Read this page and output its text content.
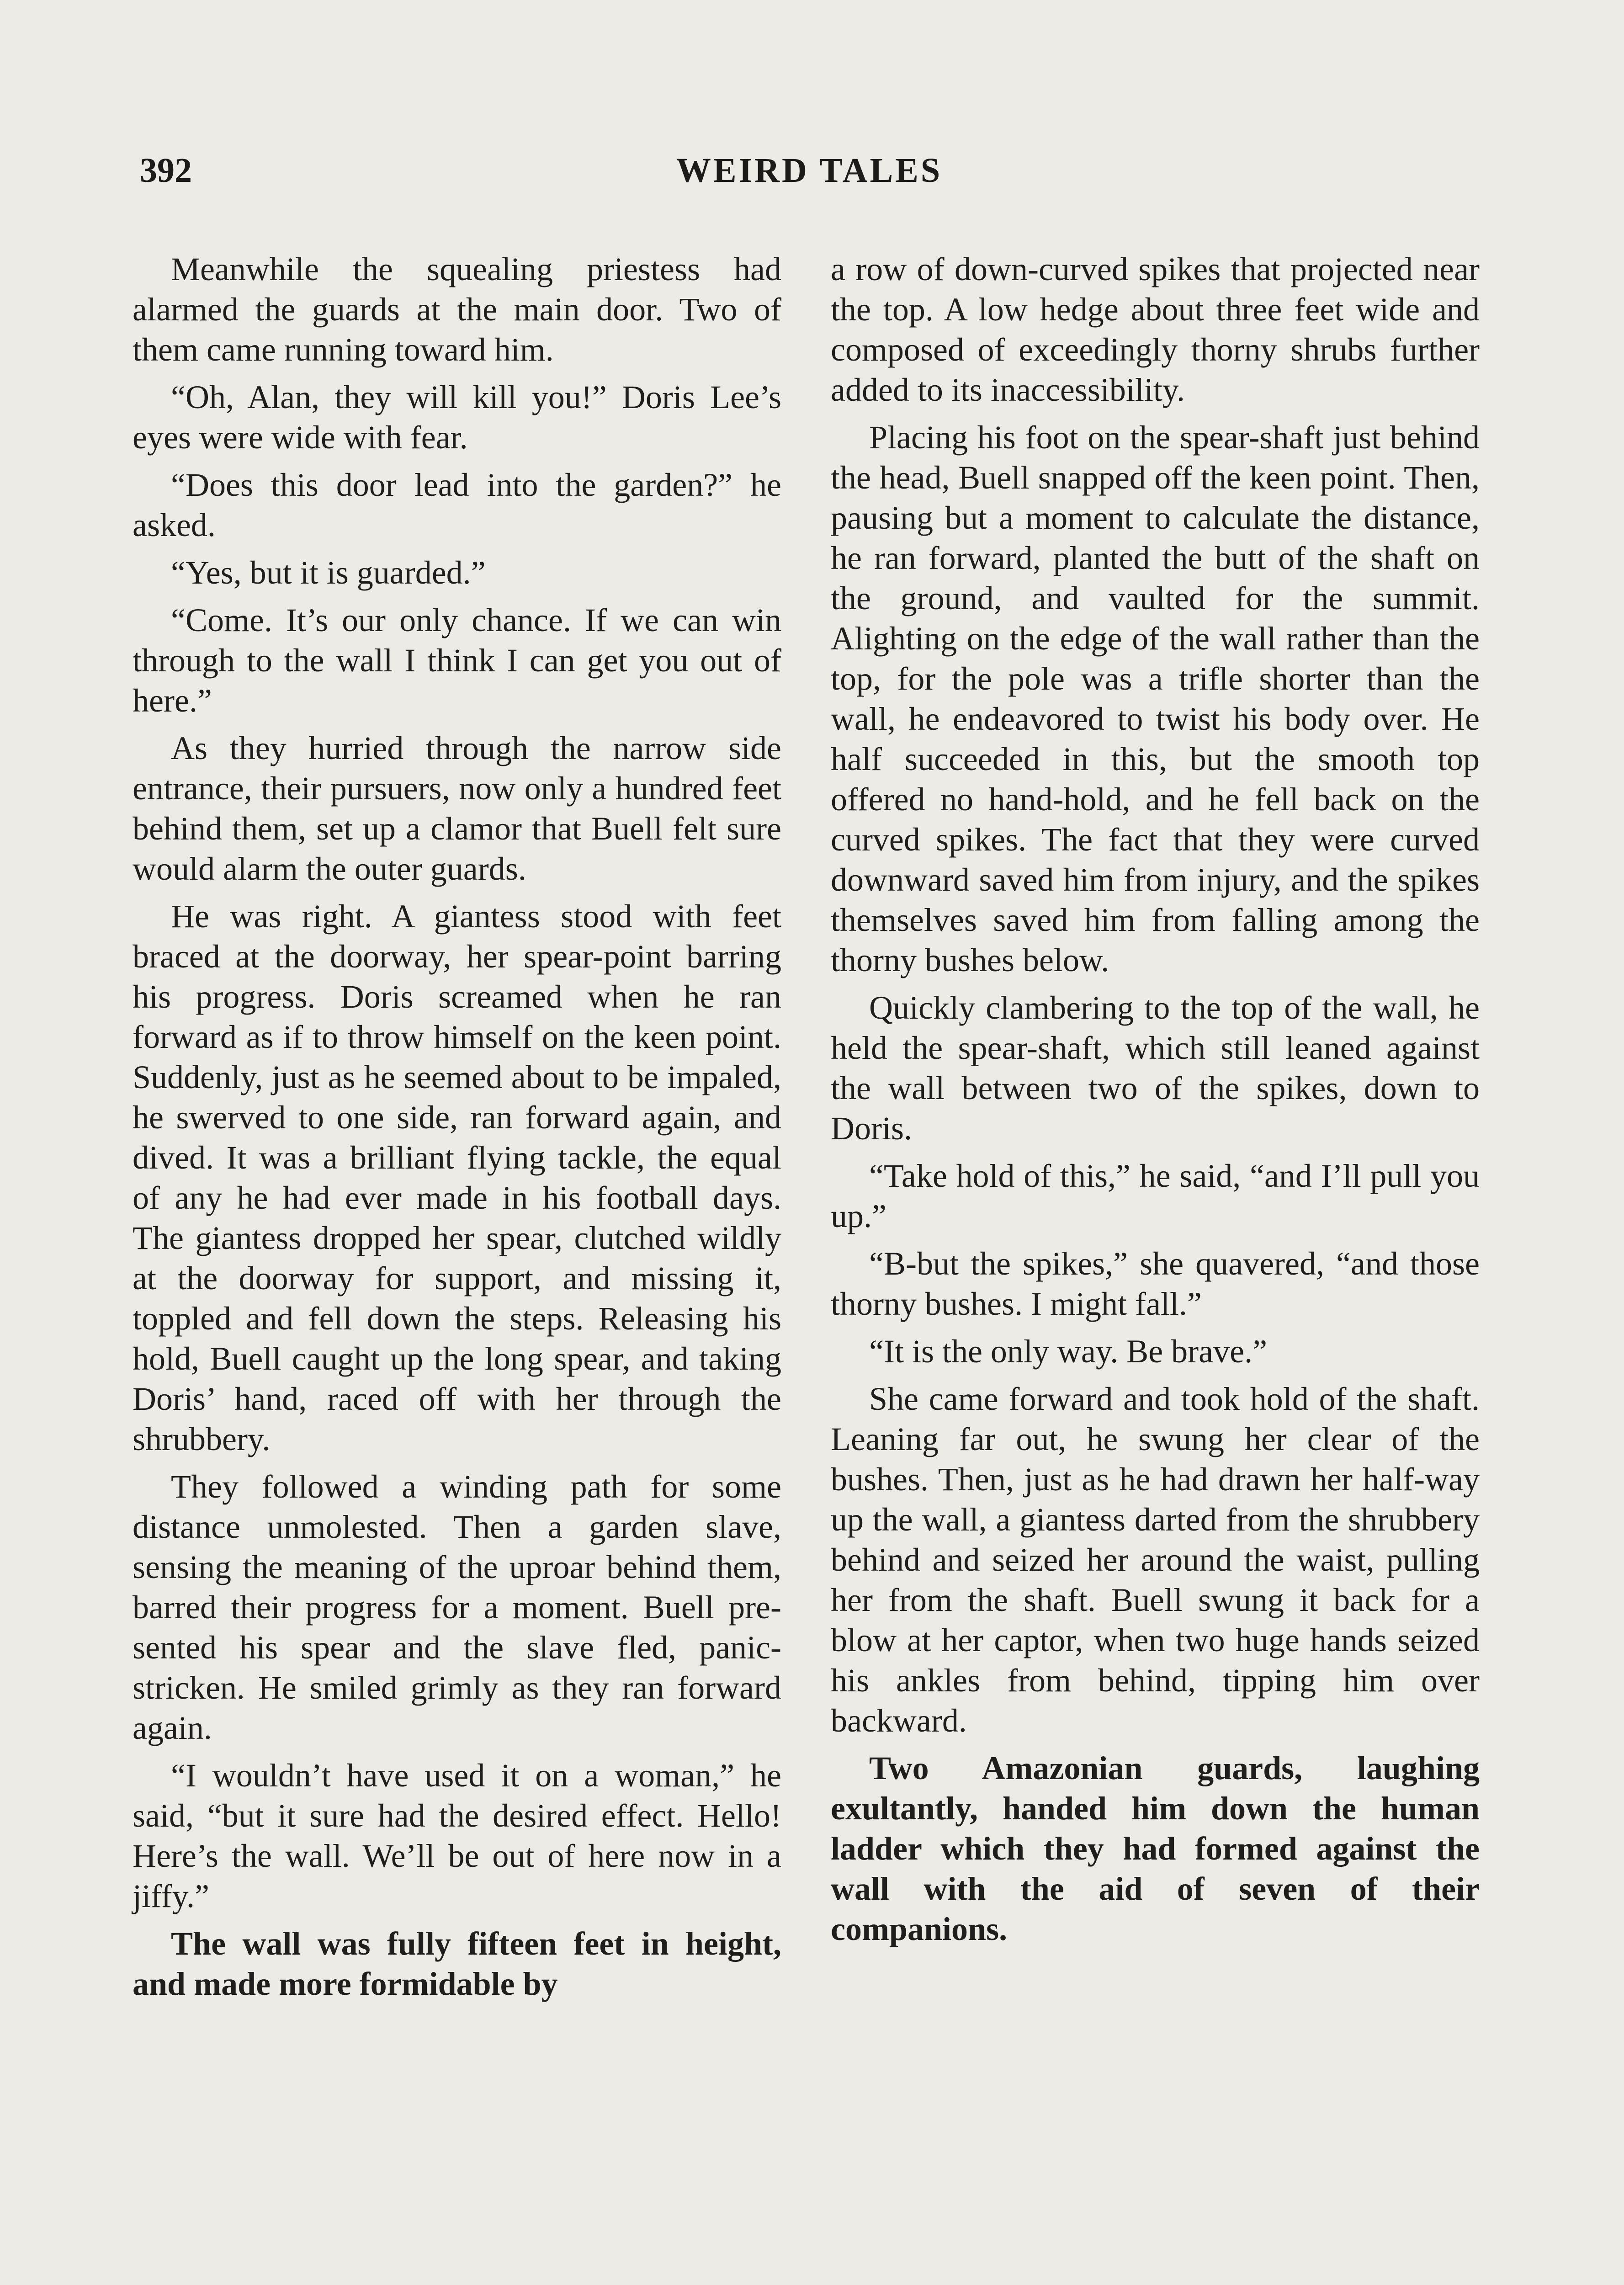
392	WEIRD TALES

Meanwhile the squealing priestess had alarmed the guards at the main door. Two of them came running toward him.

“Oh, Alan, they will kill you!” Doris Lee’s eyes were wide with fear.

“Does this door lead into the garden?” he asked.

“Yes, but it is guarded.”

“Come. It’s our only chance. If we can win through to the wall I think I can get you out of here.”

As they hurried through the narrow side entrance, their pursuers, now only a hundred feet behind them, set up a clamor that Buell felt sure would alarm the outer guards.

He was right. A giantess stood with feet braced at the doorway, her spear-point barring his progress. Doris screamed when he ran forward as if to throw himself on the keen point. Suddenly, just as he seemed about to be impaled, he swerved to one side, ran forward again, and dived. It was a brilliant flying tackle, the equal of any he had ever made in his football days. The giantess dropped her spear, clutched wildly at the doorway for support, and missing it, toppled and fell down the steps. Releasing his hold, Buell caught up the long spear, and taking Doris’ hand, raced off with her through the shrubbery.

They followed a winding path for some distance unmolested. Then a garden slave, sensing the meaning of the uproar behind them, barred their progress for a moment. Buell presented his spear and the slave fled, panic-stricken. He smiled grimly as they ran forward again.

“I wouldn’t have used it on a woman,” he said, “but it sure had the desired effect. Hello! Here’s the wall. We’ll be out of here now in a jiffy.”

The wall was fully fifteen feet in height, and made more formidable by

a row of down-curved spikes that projected near the top. A low hedge about three feet wide and composed of exceedingly thorny shrubs further added to its inaccessibility.

Placing his foot on the spear-shaft just behind the head, Buell snapped off the keen point. Then, pausing but a moment to calculate the distance, he ran forward, planted the butt of the shaft on the ground, and vaulted for the summit. Alighting on the edge of the wall rather than the top, for the pole was a trifle shorter than the wall, he endeavored to twist his body over. He half succeeded in this, but the smooth top offered no hand-hold, and he fell back on the curved spikes. The fact that they were curved downward saved him from injury, and the spikes themselves saved him from falling among the thorny bushes below.

Quickly clambering to the top of the wall, he held the spear-shaft, which still leaned against the wall between two of the spikes, down to Doris.

“Take hold of this,” he said, “and I’ll pull you up.”

“B-but the spikes,” she quavered, “and those thorny bushes. I might fall.”

“It is the only way. Be brave.”

She came forward and took hold of the shaft. Leaning far out, he swung her clear of the bushes. Then, just as he had drawn her half-way up the wall, a giantess darted from the shrubbery behind and seized her around the waist, pulling her from the shaft. Buell swung it back for a blow at her captor, when two huge hands seized his ankles from behind, tipping him over backward.

Two Amazonian guards, laughing exultantly, handed him down the human ladder which they had formed against the wall with the aid of seven of their companions.
